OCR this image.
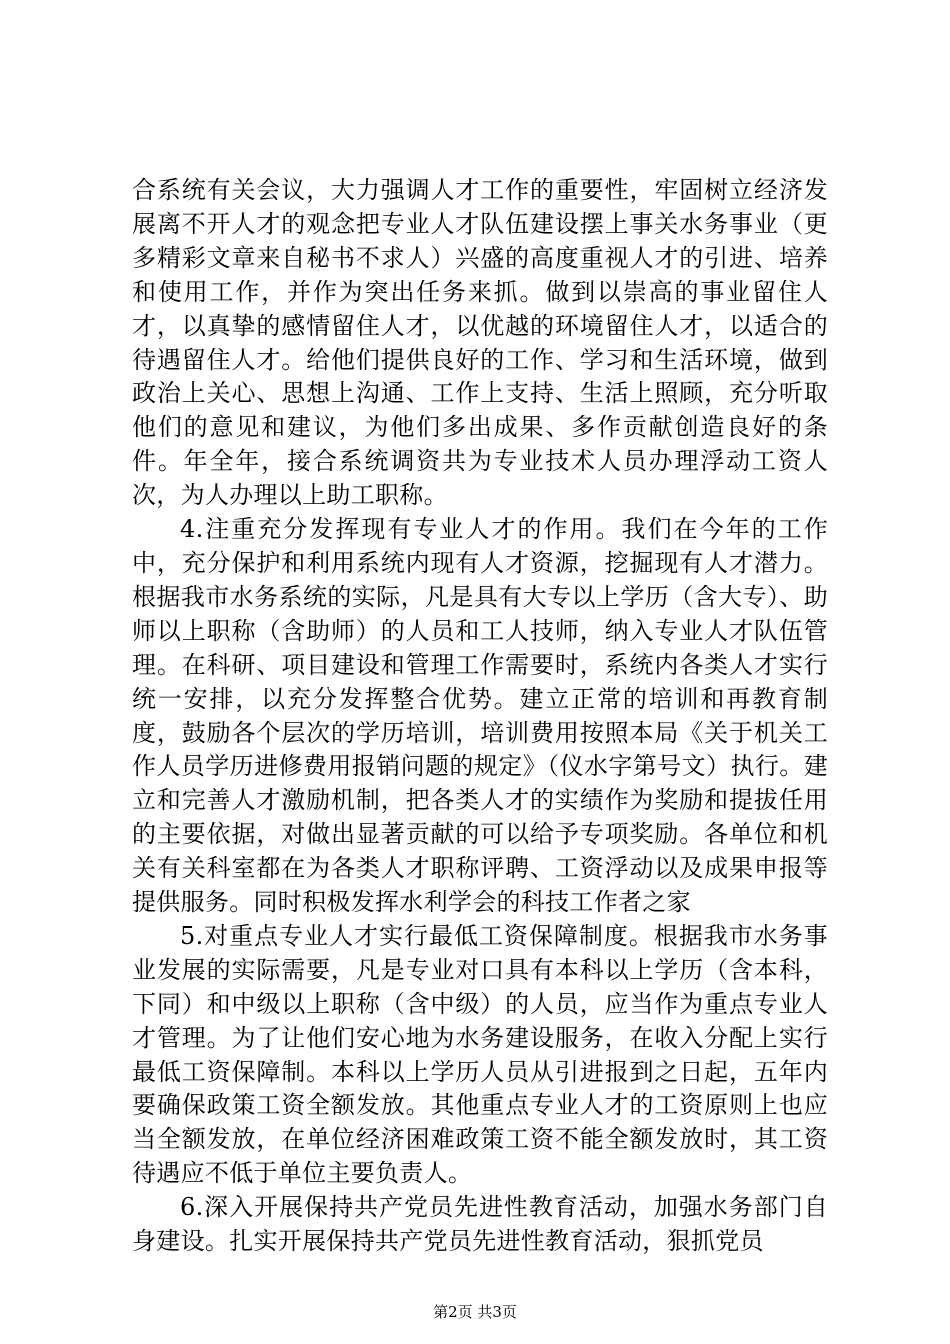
合系统有关会议，大力强调人才工作的重要性，牢固树立经济发展离不开人才的观念把专业人才队伍建设摆上事关水务事业（更多精彩文章来自秘书不求人）兴盛的高度重视人才的引进、培养和使用工作，并作为突出任务来抓。做到以崇高的事业留住人才，以真挚的感情留住人才，以优越的环境留住人才，以适合的待遇留住人才。给他们提供良好的工作、学习和生活环境，做到政治上关心、思想上沟通、工作上支持、生活上照顾，充分听取他们的意见和建议，为他们多出成果、多作贡献创造良好的条件。年全年，接合系统调资共为专业技术人员办理浮动工资人次，为人办理以上助工职称。

4.注重充分发挥现有专业人才的作用。我们在今年的工作中，充分保护和利用系统内现有人才资源，挖掘现有人才潜力。根据我市水务系统的实际，凡是具有大专以上学历（含大专）、助师以上职称（含助师）的人员和工人技师，纳入专业人才队伍管理。在科研、项目建设和管理工作需要时，系统内各类人才实行统一安排，以充分发挥整合优势。建立正常的培训和再教育制度，鼓励各个层次的学历培训，培训费用按照本局《关于机关工作人员学历进修费用报销问题的规定》（仪水字第号文）执行。建立和完善人才激励机制，把各类人才的实绩作为奖励和提拔任用的主要依据，对做出显著贡献的可以给予专项奖励。各单位和机关有关科室都在为各类人才职称评聘、工资浮动以及成果申报等提供服务。同时积极发挥水利学会的科技工作者之家

5.对重点专业人才实行最低工资保障制度。根据我市水务事业发展的实际需要，凡是专业对口具有本科以上学历（含本科，下同）和中级以上职称（含中级）的人员，应当作为重点专业人才管理。为了让他们安心地为水务建设服务，在收入分配上实行最低工资保障制。本科以上学历人员从引进报到之日起，五年内要确保政策工资全额发放。其他重点专业人才的工资原则上也应当全额发放，在单位经济困难政策工资不能全额发放时，其工资待遇应不低于单位主要负责人。

6.深入开展保持共产党员先进性教育活动，加强水务部门自身建设。扎实开展保持共产党员先进性教育活动，狠抓党员

第2页 共3页
